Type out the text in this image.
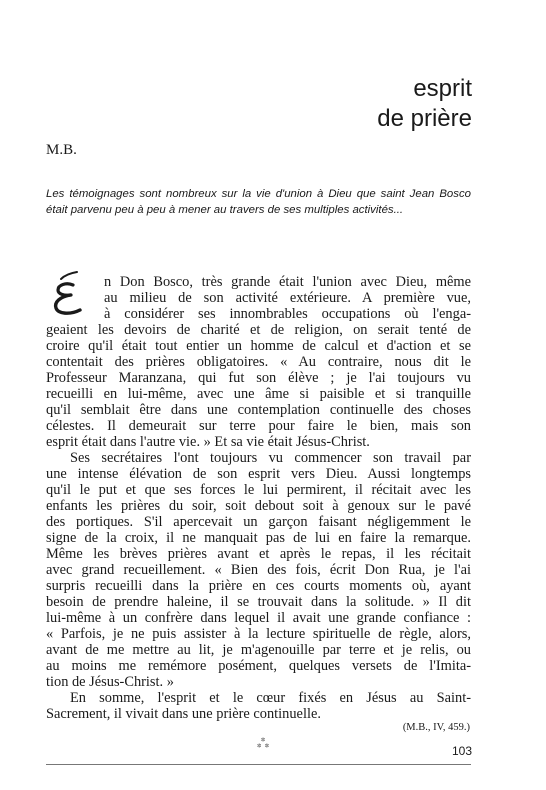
esprit
de prière
M.B.
Les témoignages sont nombreux sur la vie d'union à Dieu que saint Jean Bosco était parvenu peu à peu à mener au travers de ses multiples activités...
n Don Bosco, très grande était l'union avec Dieu, même
au milieu de son activité extérieure. A première vue,
à considérer ses innombrables occupations où l'enga-
geaient les devoirs de charité et de religion, on serait tenté de
croire qu'il était tout entier un homme de calcul et d'action et se
contentait des prières obligatoires. « Au contraire, nous dit le
Professeur Maranzana, qui fut son élève ; je l'ai toujours vu
recueilli en lui-même, avec une âme si paisible et si tranquille
qu'il semblait être dans une contemplation continuelle des choses
célestes. Il demeurait sur terre pour faire le bien, mais son
esprit était dans l'autre vie. » Et sa vie était Jésus-Christ.
Ses secrétaires l'ont toujours vu commencer son travail par
une intense élévation de son esprit vers Dieu. Aussi longtemps
qu'il le put et que ses forces le lui permirent, il récitait avec les
enfants les prières du soir, soit debout soit à genoux sur le pavé
des portiques. S'il apercevait un garçon faisant négligemment le
signe de la croix, il ne manquait pas de lui en faire la remarque.
Même les brèves prières avant et après le repas, il les récitait
avec grand recueillement. « Bien des fois, écrit Don Rua, je l'ai
surpris recueilli dans la prière en ces courts moments où, ayant
besoin de prendre haleine, il se trouvait dans la solitude. » Il dit
lui-même à un confrère dans lequel il avait une grande confiance :
« Parfois, je ne puis assister à la lecture spirituelle de règle, alors,
avant de me mettre au lit, je m'agenouille par terre et je relis, ou
au moins me remémore posément, quelques versets de l'Imita-
tion de Jésus-Christ. »
En somme, l'esprit et le cœur fixés en Jésus au Saint-
Sacrement, il vivait dans une prière continuelle.
(M.B., IV, 459.)
✲
✲ ✲	103
